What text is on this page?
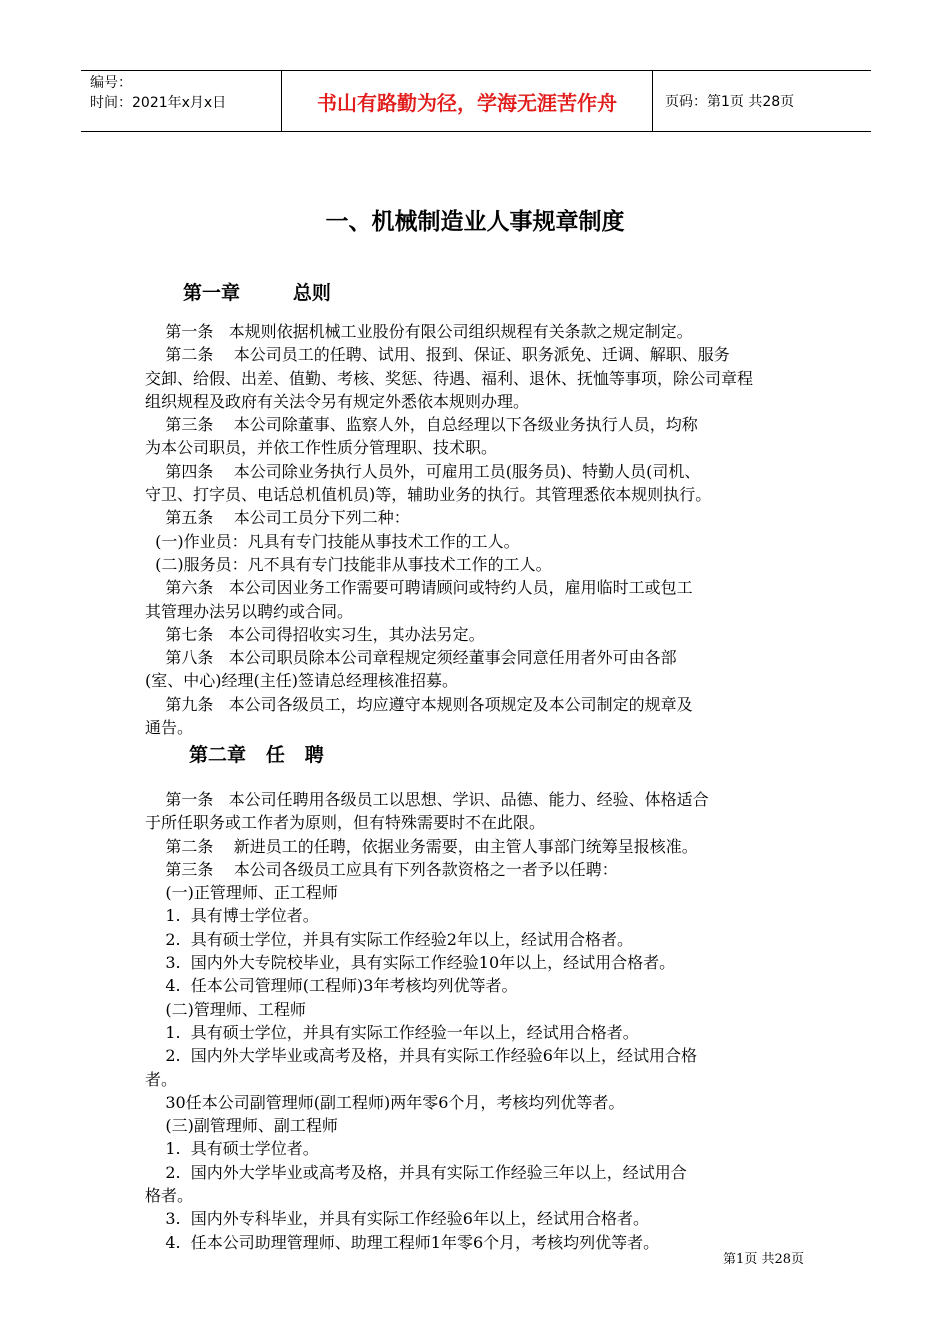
编号：
时间：2021年x月x日	书山有路勤为径，学海无涯苦作舟	页码：第1页 共28页
一、机械制造业人事规章制度
第一章        总则
第一条   本规则依据机械工业股份有限公司组织规程有关条款之规定制定。
第二条    本公司员工的任聘、试用、报到、保证、职务派免、迁调、解职、服务
交卸、给假、出差、值勤、考核、奖惩、待遇、福利、退休、抚恤等事项，除公司章程
组织规程及政府有关法令另有规定外悉依本规则办理。
第三条    本公司除董事、监察人外，自总经理以下各级业务执行人员，均称
为本公司职员，并依工作性质分管理职、技术职。
第四条    本公司除业务执行人员外，可雇用工员(服务员)、特勤人员(司机、
守卫、打字员、电话总机值机员)等，辅助业务的执行。其管理悉依本规则执行。
第五条    本公司工员分下列二种：
(一)作业员：凡具有专门技能从事技术工作的工人。
(二)服务员：凡不具有专门技能非从事技术工作的工人。
第六条   本公司因业务工作需要可聘请顾问或特约人员，雇用临时工或包工
其管理办法另以聘约或合同。
第七条   本公司得招收实习生，其办法另定。
第八条   本公司职员除本公司章程规定须经董事会同意任用者外可由各部
(室、中心)经理(主任)签请总经理核准招募。
第九条   本公司各级员工，均应遵守本规则各项规定及本公司制定的规章及
通告。
第二章   任   聘
第一条   本公司任聘用各级员工以思想、学识、品德、能力、经验、体格适合
于所任职务或工作者为原则，但有特殊需要时不在此限。
第二条    新进员工的任聘，依据业务需要，由主管人事部门统筹呈报核准。
第三条    本公司各级员工应具有下列各款资格之一者予以任聘：
(一)正管理师、正工程师
1.  具有博士学位者。
2.  具有硕士学位，并具有实际工作经验2年以上，经试用合格者。
3.  国内外大专院校毕业，具有实际工作经验10年以上，经试用合格者。
4.  任本公司管理师(工程师)3年考核均列优等者。
(二)管理师、工程师
1.  具有硕士学位，并具有实际工作经验一年以上，经试用合格者。
2.  国内外大学毕业或高考及格，并具有实际工作经验6年以上，经试用合格
者。
30任本公司副管理师(副工程师)两年零6个月，考核均列优等者。
(三)副管理师、副工程师
1.  具有硕士学位者。
2.  国内外大学毕业或高考及格，并具有实际工作经验三年以上，经试用合
格者。
3.  国内外专科毕业，并具有实际工作经验6年以上，经试用合格者。
4.  任本公司助理管理师、助理工程师1年零6个月，考核均列优等者。
第1页 共28页
